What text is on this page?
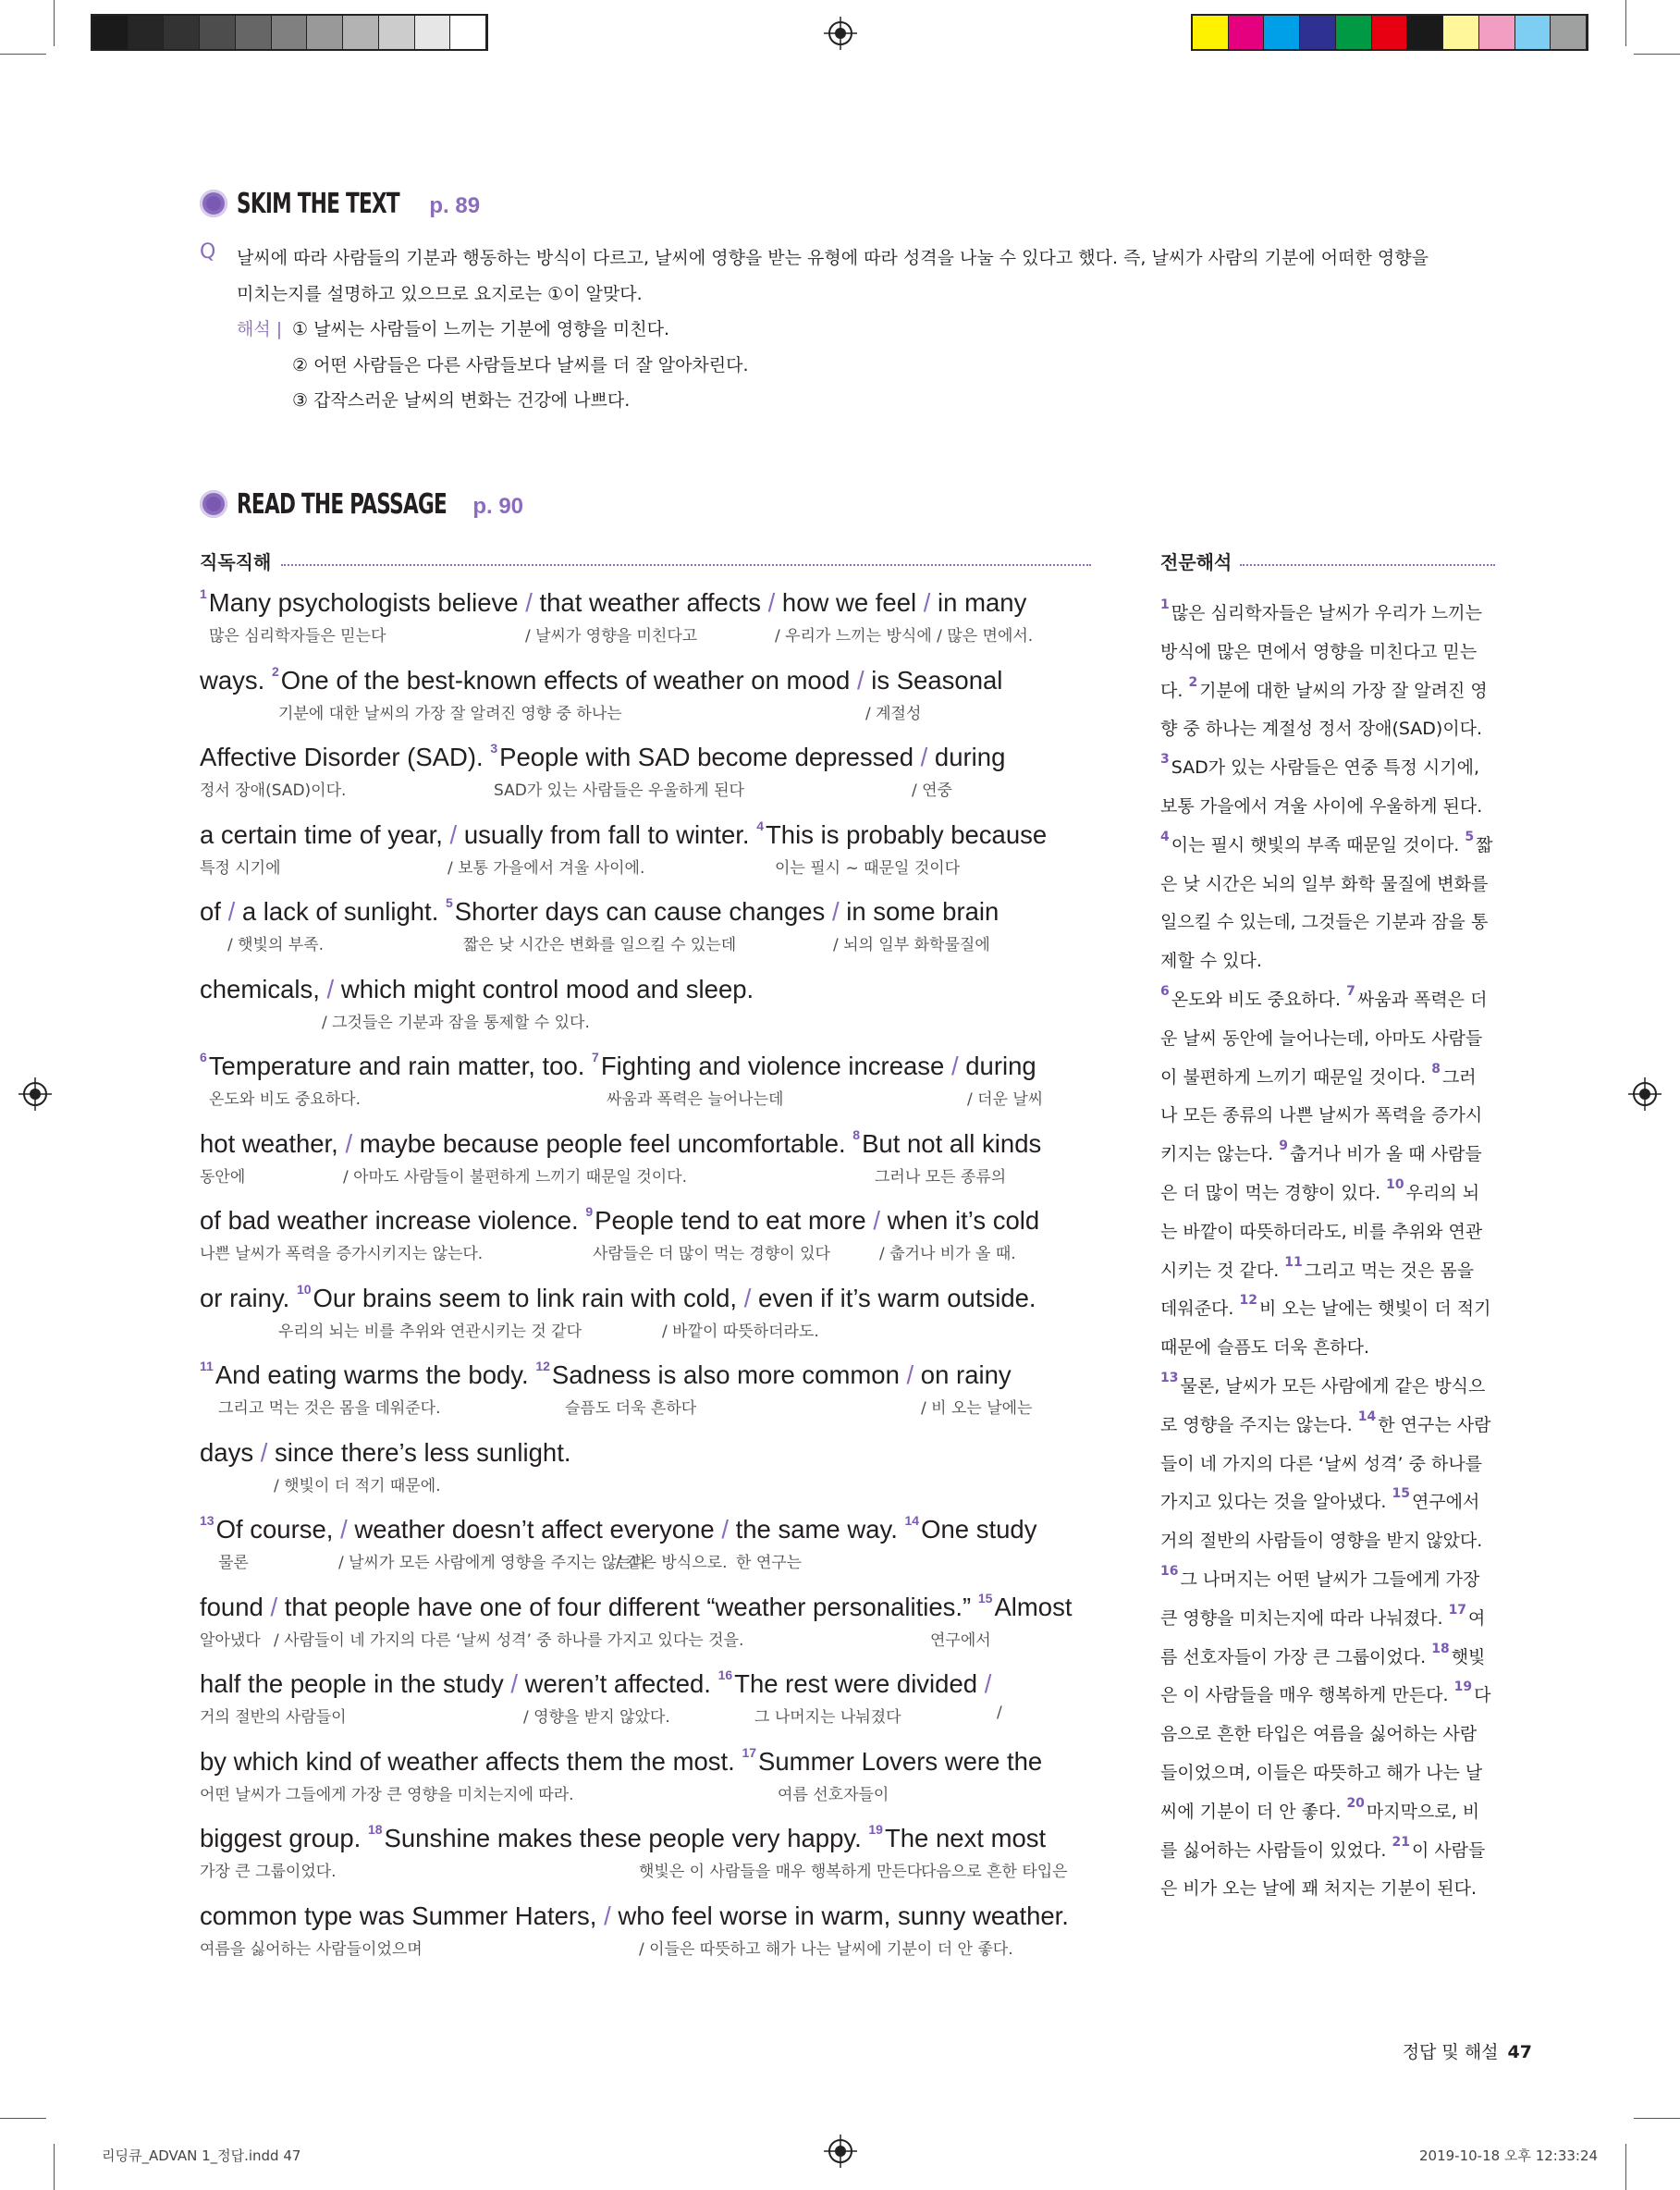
SKIM THE TEXT p. 89
Q 날씨에 따라 사람들의 기분과 행동하는 방식이 다르고, 날씨에 영향을 받는 유형에 따라 성격을 나눌 수 있다고 했다. 즉, 날씨가 사람의 기분에 어떠한 영향을
미치는지를 설명하고 있으므로 요지로는 ①이 알맞다.
해석 | ① 날씨는 사람들이 느끼는 기분에 영향을 미친다.
② 어떤 사람들은 다른 사람들보다 날씨를 더 잘 알아차린다.
③ 갑작스러운 날씨의 변화는 건강에 나쁘다.
READ THE PASSAGE p. 90
직독직해	전문해석
$^1$Many psychologists believe / that weather affects / how we feel / in many
많은 심리학자들은 믿는다	/ 날씨가 영향을 미친다고	/ 우리가 느끼는 방식에 / 많은 면에서.
ways. $^2$One of the best-known effects of weather on mood / is Seasonal
기분에 대한 날씨의 가장 잘 알려진 영향 중 하나는	/ 계절성
Affective Disorder (SAD). $^3$People with SAD become depressed / during
정서 장애(SAD)이다.	SAD가 있는 사람들은 우울하게 된다	/ 연중
a certain time of year, / usually from fall to winter. $^4$This is probably because
특정 시기에	/ 보통 가을에서 겨울 사이에.	이는 필시 ~ 때문일 것이다
of / a lack of sunlight. $^5$Shorter days can cause changes / in some brain
/ 햇빛의 부족.	짧은 낮 시간은 변화를 일으킬 수 있는데	/ 뇌의 일부 화학물질에
chemicals, / which might control mood and sleep.
/ 그것들은 기분과 잠을 통제할 수 있다.
$^6$Temperature and rain matter, too. $^7$Fighting and violence increase / during
온도와 비도 중요하다.	싸움과 폭력은 늘어나는데	/ 더운 날씨
hot weather, / maybe because people feel uncomfortable. $^8$But not all kinds
동안에	/ 아마도 사람들이 불편하게 느끼기 때문일 것이다.	그러나 모든 종류의
of bad weather increase violence. $^9$People tend to eat more / when it’s cold
나쁜 날씨가 폭력을 증가시키지는 않는다.	사람들은 더 많이 먹는 경향이 있다	/ 춥거나 비가 올 때.
or rainy. $^{10}$Our brains seem to link rain with cold, / even if it’s warm outside.
우리의 뇌는 비를 추위와 연관시키는 것 같다	/ 바깥이 따뜻하더라도.
$^{11}$And eating warms the body. $^{12}$Sadness is also more common / on rainy
그리고 먹는 것은 몸을 데워준다.	슬픔도 더욱 흔하다	/ 비 오는 날에는
days / since there’s less sunlight.
/ 햇빛이 더 적기 때문에.
$^{13}$Of course, / weather doesn’t affect everyone / the same way. $^{14}$One study
물론	/ 날씨가 모든 사람에게 영향을 주지는 않는다
/ 같은 방식으로. 한 연구는
found / that people have one of four different “weather personalities.” $^{15}$Almost
알아냈다 / 사람들이 네 가지의 다른 ‘날씨 성격’ 중 하나를 가지고 있다는 것을.	연구에서
half the people in the study / weren’t affected. $^{16}$The rest were divided /
거의 절반의 사람들이	/ 영향을 받지 않았다.	그 나머지는 나눠졌다	/
by which kind of weather affects them the most. $^{17}$Summer Lovers were the
어떤 날씨가 그들에게 가장 큰 영향을 미치는지에 따라.	여름 선호자들이
biggest group. $^{18}$Sunshine makes these people very happy. $^{19}$The next most
가장 큰 그룹이었다.	햇빛은 이 사람들을 매우 행복하게 만든다.
다음으로 흔한 타입은
common type was Summer Haters, / who feel worse in warm, sunny weather.
여름을 싫어하는 사람들이었으며	/ 이들은 따뜻하고 해가 나는 날씨에 기분이 더 안 좋다.
$^1$ 많은 심리학자들은 날씨가 우리가 느끼는
방식에 많은 면에서 영향을 미친다고 믿는
다. $^2$ 기분에 대한 날씨의 가장 잘 알려진 영
향 중 하나는 계절성 정서 장애(SAD)이다.
$^3$ SAD가 있는 사람들은 연중 특정 시기에,
보통 가을에서 겨울 사이에 우울하게 된다.
$^4$ 이는 필시 햇빛의 부족 때문일 것이다. $^5$ 짧
은 낮 시간은 뇌의 일부 화학 물질에 변화를
일으킬 수 있는데, 그것들은 기분과 잠을 통
제할 수 있다.
$^6$ 온도와 비도 중요하다. $^7$ 싸움과 폭력은 더
운 날씨 동안에 늘어나는데, 아마도 사람들
이 불편하게 느끼기 때문일 것이다. $^8$ 그러
나 모든 종류의 나쁜 날씨가 폭력을 증가시
키지는 않는다. $^9$ 춥거나 비가 올 때 사람들
은 더 많이 먹는 경향이 있다. $^{10}$ 우리의 뇌
는 바깥이 따뜻하더라도, 비를 추위와 연관
시키는 것 같다. $^{11}$ 그리고 먹는 것은 몸을
데워준다. $^{12}$ 비 오는 날에는 햇빛이 더 적기
때문에 슬픔도 더욱 흔하다.
$^{13}$ 물론, 날씨가 모든 사람에게 같은 방식으
로 영향을 주지는 않는다. $^{14}$ 한 연구는 사람
들이 네 가지의 다른 ‘날씨 성격’ 중 하나를
가지고 있다는 것을 알아냈다. $^{15}$ 연구에서
거의 절반의 사람들이 영향을 받지 않았다.
$^{16}$ 그 나머지는 어떤 날씨가 그들에게 가장
큰 영향을 미치는지에 따라 나눠졌다. $^{17}$ 여
름 선호자들이 가장 큰 그룹이었다. $^{18}$ 햇빛
은 이 사람들을 매우 행복하게 만든다. $^{19}$ 다
음으로 흔한 타입은 여름을 싫어하는 사람
들이었으며, 이들은 따뜻하고 해가 나는 날
씨에 기분이 더 안 좋다. $^{20}$ 마지막으로, 비
를 싫어하는 사람들이 있었다. $^{21}$ 이 사람들
은 비가 오는 날에 꽤 처지는 기분이 된다.
정답 및 해설 47
리딩큐_ADVAN 1_정답.indd 47	2019-10-18 오후 12:33:24
